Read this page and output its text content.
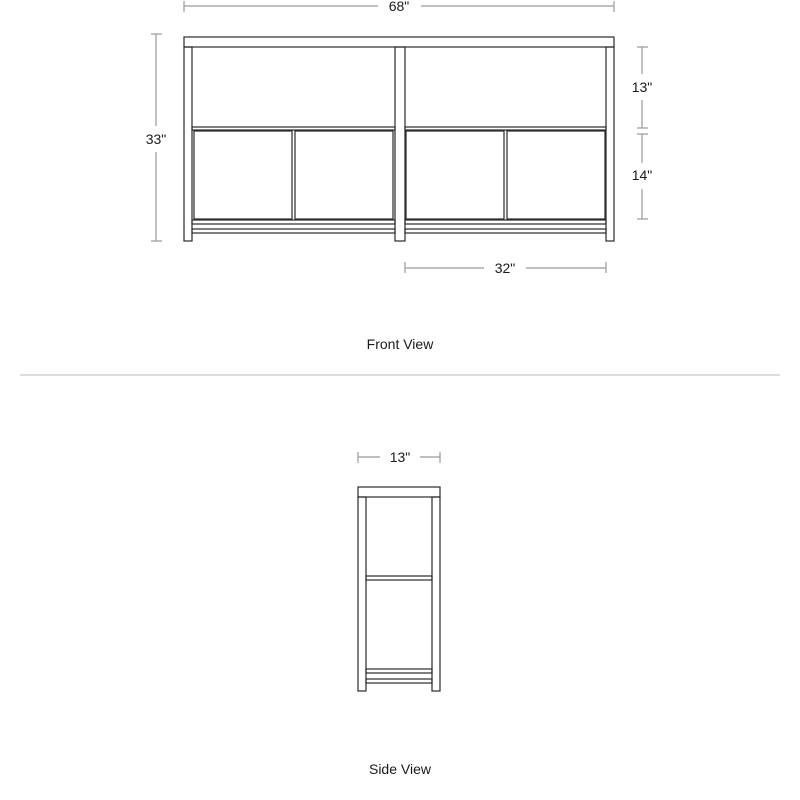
68"
33"
13"
14"
32"
13"
Front View
Side View
